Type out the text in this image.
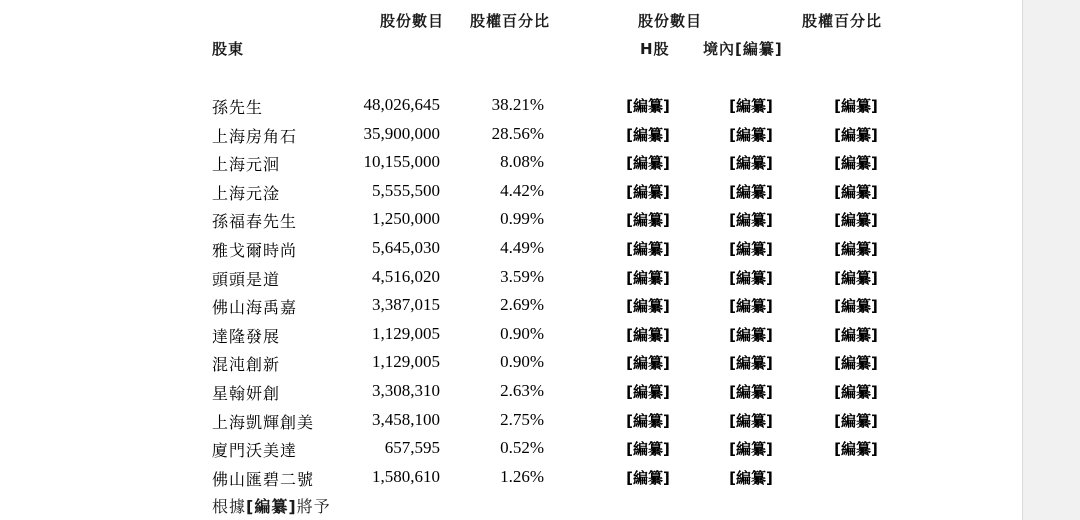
股份數目 股權百分比	股份數目	股權百分比
股東	H股 境內[編纂]
孫先生	48,026,645	38.21%	[編纂]	[編纂]	[編纂]
上海房角石	35,900,000	28.56%	[編纂]	[編纂]	[編纂]
上海元洄	10,155,000	8.08%	[編纂]	[編纂]	[編纂]
上海元淦	5,555,500	4.42%	[編纂]	[編纂]	[編纂]
孫福春先生	1,250,000	0.99%	[編纂]	[編纂]	[編纂]
雅戈爾時尚	5,645,030	4.49%	[編纂]	[編纂]	[編纂]
頭頭是道	4,516,020	3.59%	[編纂]	[編纂]	[編纂]
佛山海禹嘉	3,387,015	2.69%	[編纂]	[編纂]	[編纂]
達隆發展	1,129,005	0.90%	[編纂]	[編纂]	[編纂]
混沌創新	1,129,005	0.90%	[編纂]	[編纂]	[編纂]
星翰妍創	3,308,310	2.63%	[編纂]	[編纂]	[編纂]
上海凱輝創美	3,458,100	2.75%	[編纂]	[編纂]	[編纂]
廈門沃美達	657,595	0.52%	[編纂]	[編纂]	[編纂]
佛山匯碧二號	1,580,610	1.26%	[編纂]	[編纂]
根據[編纂]將予
